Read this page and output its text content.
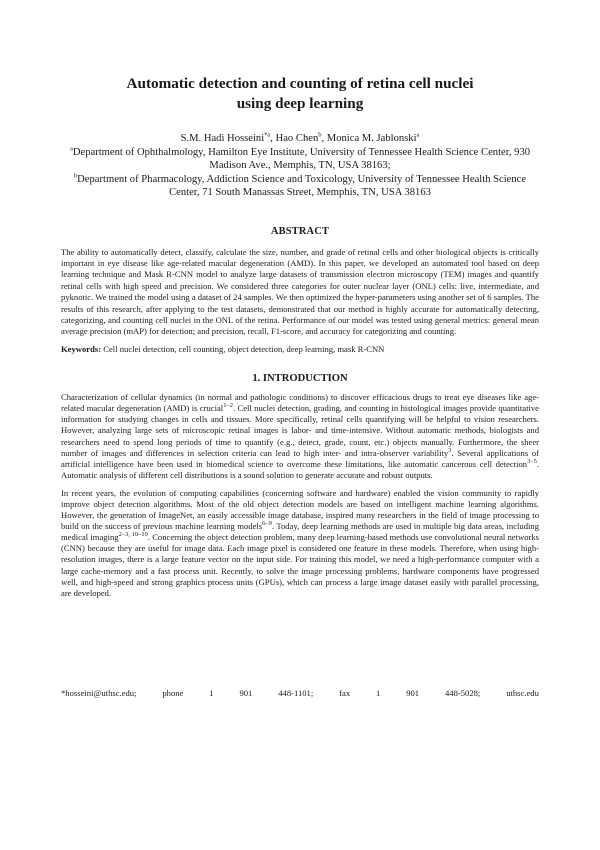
Automatic detection and counting of retina cell nuclei
using deep learning
S.M. Hadi Hosseini$^{*a}$, Hao Chen$^b$, Monica M. Jablonski$^a$

$^a$Department of Ophthalmology, Hamilton Eye Institute, University of Tennessee Health Science Center, 930 Madison Ave., Memphis, TN, USA 38163;

$^b$Department of Pharmacology, Addiction Science and Toxicology, University of Tennessee Health Science Center, 71 South Manassas Street, Memphis, TN, USA 38163

ABSTRACT
The ability to automatically detect, classify, calculate the size, number, and grade of retinal cells and other biological objects is critically important in eye disease like age-related macular degeneration (AMD). In this paper, we developed an automated tool based on deep learning technique and Mask R-CNN model to analyze large datasets of transmission electron microscopy (TEM) images and quantify retinal cells with high speed and precision. We considered three categories for outer nuclear layer (ONL) cells: live, intermediate, and pyknotic. We trained the model using a dataset of 24 samples. We then optimized the hyper-parameters using another set of 6 samples. The results of this research, after applying to the test datasets, demonstrated that our method is highly accurate for automatically detecting, categorizing, and counting cell nuclei in the ONL of the retina. Performance of our model was tested using general metrics: general mean average precision (mAP) for detection; and precision, recall, F1-score, and accuracy for categorizing and counting.
Keywords: Cell nuclei detection, cell counting, object detection, deep learning, mask R-CNN
1. INTRODUCTION
Characterization of cellular dynamics (in normal and pathologic conditions) to discover efficacious drugs to treat eye diseases like age-related macular degeneration (AMD) is crucial$^{1-2}$. Cell nuclei detection, grading, and counting in histological images provide quantitative information for studying changes in cells and tissues. More specifically, retinal cells quantifying will be helpful to vision researchers. However, analyzing large sets of microscopic retinal images is labor- and time-intensive. Without automatic methods, biologists and researchers need to spend long periods of time to quantify (e.g., detect, grade, count, etc.) objects manually. Furthermore, the sheer number of images and differences in selection criteria can lead to high inter- and intra-observer variability$^3$. Several applications of artificial intelligence have been used in biomedical science to overcome these limitations, like automatic cancerous cell detection$^{3-5}$. Automatic analysis of different cell distributions is a sound solution to generate accurate and robust outputs.
In recent years, the evolution of computing capabilities (concerning software and hardware) enabled the vision community to rapidly improve object detection algorithms. Most of the old object detection models are based on intelligent machine learning algorithms. However, the generation of ImageNet, an easily accessible image database, inspired many researchers in the field of image processing to build on the success of previous machine learning models$^{6-9}$. Today, deep learning methods are used in multiple big data areas, including medical imaging$^{2-3, 10-19}$. Concerning the object detection problem, many deep learning-based methods use convolutional neural networks (CNN) because they are useful for image data. Each image pixel is considered one feature in these models. Therefore, when using high-resolution images, there is a large feature vector on the input side. For training this model, we need a high-performance computer with a large cache-memory and a fast process unit. Recently, to solve the image processing problems, hardware components have progressed well, and high-speed and strong graphics process units (GPUs), which can process a large image dataset easily with parallel processing, are developed.
*hosseini@uthsc.edu;	phone	1	901	448-1101;	fax	1	901	448-5028;	uthsc.edu
